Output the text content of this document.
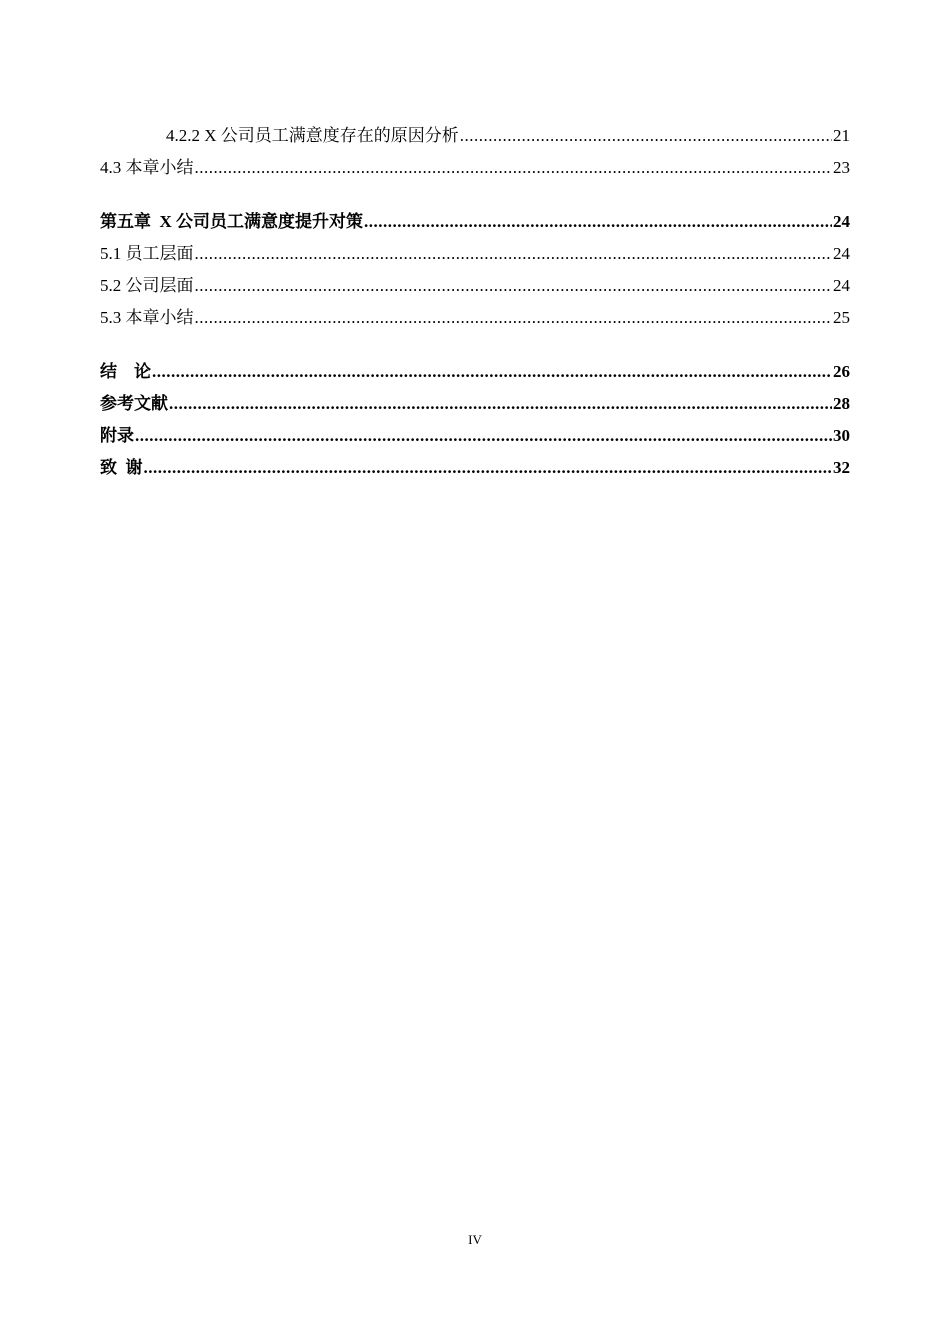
4.2.2 X 公司员工满意度存在的原因分析 .....	21
4.3 本章小结 .....	23
第五章  X 公司员工满意度提升对策 .....	24
5.1 员工层面 .....	24
5.2 公司层面 .....	24
5.3 本章小结 .....	25
结    论 .....	26
参考文献 .....	28
附录 .....	30
致  谢 .....	32
IV
